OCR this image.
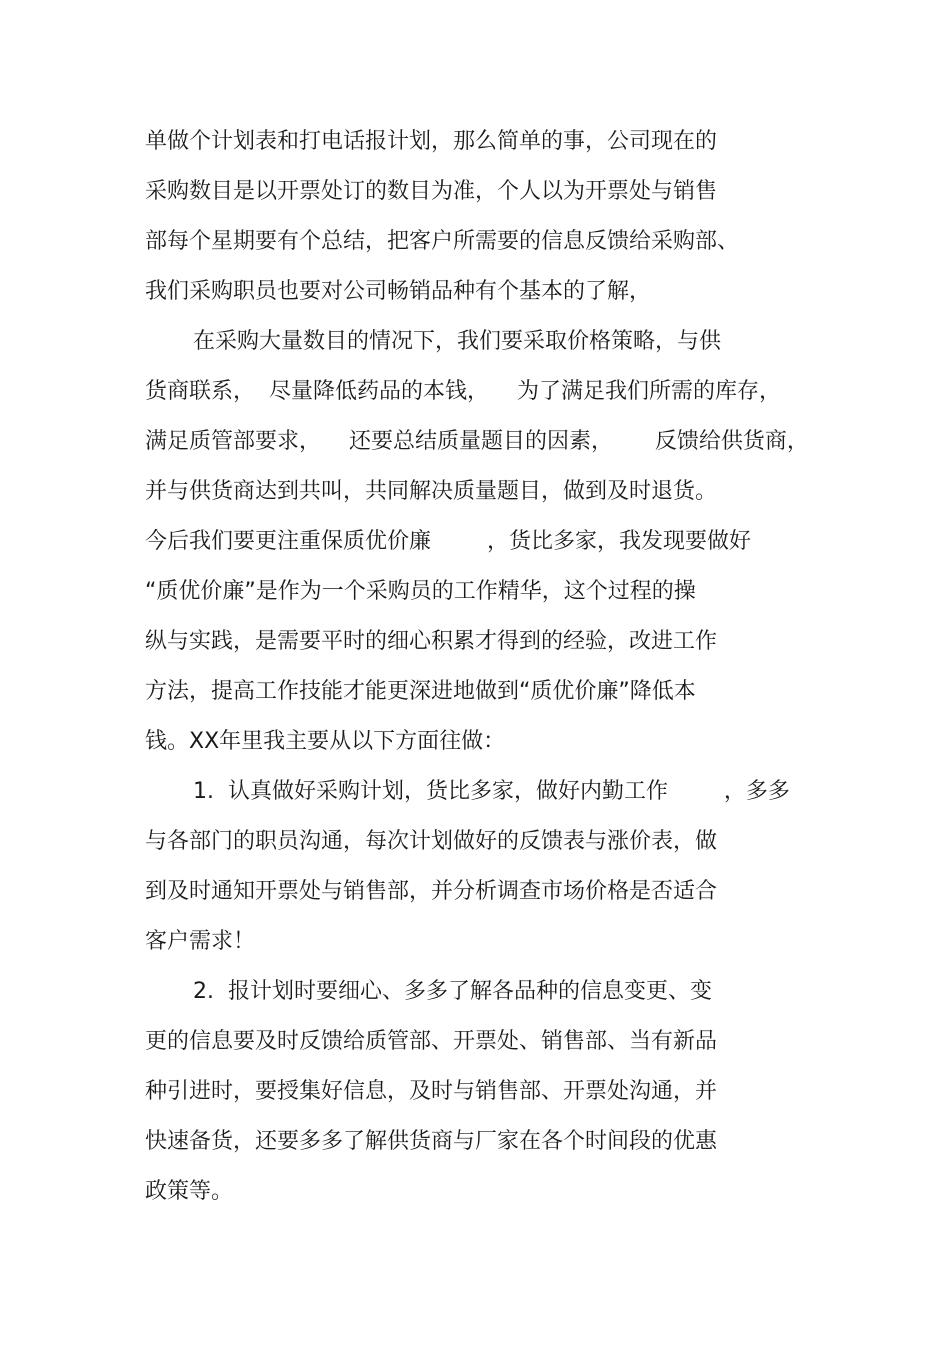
单做个计划表和打电话报计划，那么简单的事，公司现在的
采购数目是以开票处订的数目为准，个人以为开票处与销售
部每个星期要有个总结，把客户所需要的信息反馈给采购部、
我们采购职员也要对公司畅销品种有个基本的了解，
在采购大量数目的情况下，我们要采取价格策略，与供
货商联系，  尽量降低药品的本钱，    为了满足我们所需的库存，
满足质管部要求，    还要总结质量题目的因素，      反馈给供货商，
并与供货商达到共叫，共同解决质量题目，做到及时退货。
今后我们要更注重保质优价廉        ，货比多家，我发现要做好
“质优价廉”是作为一个采购员的工作精华，这个过程的操
纵与实践，是需要平时的细心积累才得到的经验，改进工作
方法，提高工作技能才能更深进地做到“质优价廉”降低本
钱。XX年里我主要从以下方面往做：
1.  认真做好采购计划，货比多家，做好内勤工作        ，多多
与各部门的职员沟通，每次计划做好的反馈表与涨价表，做
到及时通知开票处与销售部，并分析调查市场价格是否适合
客户需求！
2.  报计划时要细心、多多了解各品种的信息变更、变
更的信息要及时反馈给质管部、开票处、销售部、当有新品
种引进时，要授集好信息，及时与销售部、开票处沟通，并
快速备货，还要多多了解供货商与厂家在各个时间段的优惠
政策等。
